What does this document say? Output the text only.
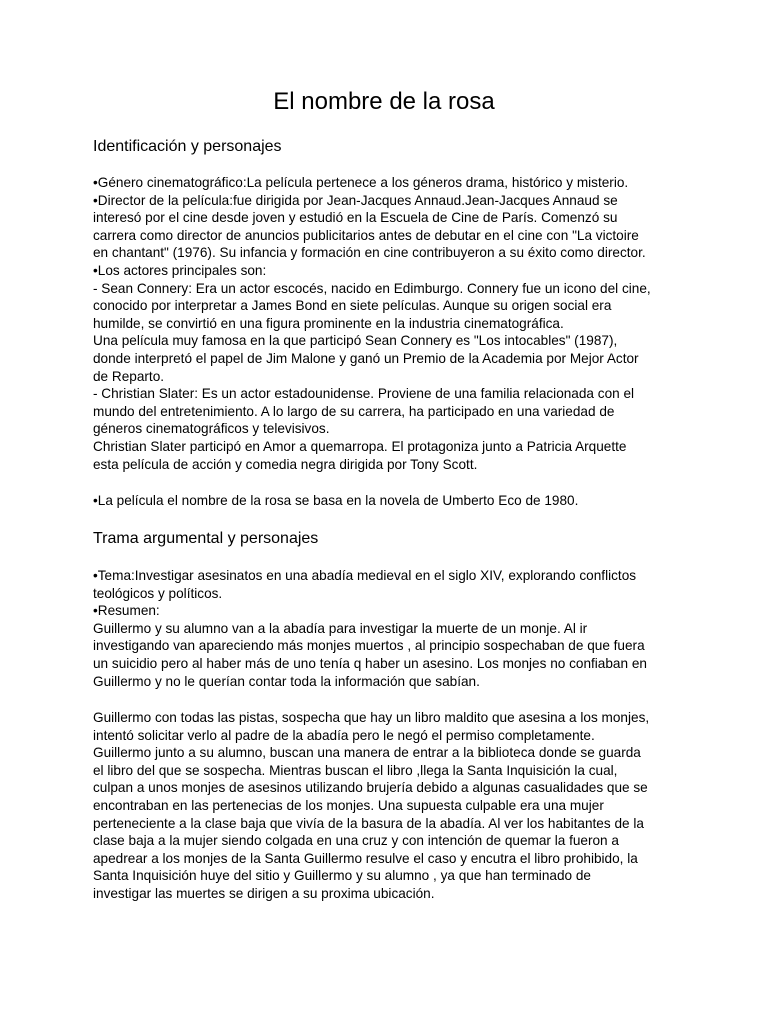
El nombre de la rosa
Identificación y personajes
•Género cinematográfico:La película pertenece a los géneros drama, histórico y misterio.
•Director de la película:fue dirigida por Jean-Jacques Annaud.Jean-Jacques Annaud se
interesó por el cine desde joven y estudió en la Escuela de Cine de París. Comenzó su
carrera como director de anuncios publicitarios antes de debutar en el cine con "La victoire
en chantant" (1976). Su infancia y formación en cine contribuyeron a su éxito como director.
•Los actores principales son:
- Sean Connery: Era un actor escocés, nacido en Edimburgo. Connery fue un icono del cine,
conocido por interpretar a James Bond en siete películas. Aunque su origen social era
humilde, se convirtió en una figura prominente en la industria cinematográfica.
Una película muy famosa en la que participó Sean Connery es "Los intocables" (1987),
donde interpretó el papel de Jim Malone y ganó un Premio de la Academia por Mejor Actor
de Reparto.
- Christian Slater: Es un actor estadounidense. Proviene de una familia relacionada con el
mundo del entretenimiento. A lo largo de su carrera, ha participado en una variedad de
géneros cinematográficos y televisivos.
Christian Slater participó en Amor a quemarropa. El protagoniza junto a Patricia Arquette
esta película de acción y comedia negra dirigida por Tony Scott.

•La película el nombre de la rosa se basa en la novela de Umberto Eco de 1980.

Trama argumental y personajes
•Tema:Investigar asesinatos en una abadía medieval en el siglo XIV, explorando conflictos
teológicos y políticos.
•Resumen:
Guillermo y su alumno van a la abadía para investigar la muerte de un monje. Al ir
investigando van apareciendo más monjes muertos , al principio sospechaban de que fuera
un suicidio pero al haber más de uno tenía q haber un asesino. Los monjes no confiaban en
Guillermo y no le querían contar toda la información que sabían.
Guillermo con todas las pistas, sospecha que hay un libro maldito que asesina a los monjes,
intentó solicitar verlo al padre de la abadía pero le negó el permiso completamente.
Guillermo junto a su alumno, buscan una manera de entrar a la biblioteca donde se guarda
el libro del que se sospecha. Mientras buscan el libro ,llega la Santa Inquisición la cual,
culpan a unos monjes de asesinos utilizando brujería debido a algunas casualidades que se
encontraban en las pertenecias de los monjes. Una supuesta culpable era una mujer
perteneciente a la clase baja que vivía de la basura de la abadía. Al ver los habitantes de la
clase baja a la mujer siendo colgada en una cruz y con intención de quemar la fueron a
apedrear a los monjes de la Santa Guillermo resulve el caso y encutra el libro prohibido, la
Santa Inquisición huye del sitio y Guillermo y su alumno , ya que han terminado de
investigar las muertes se dirigen a su proxima ubicación.
